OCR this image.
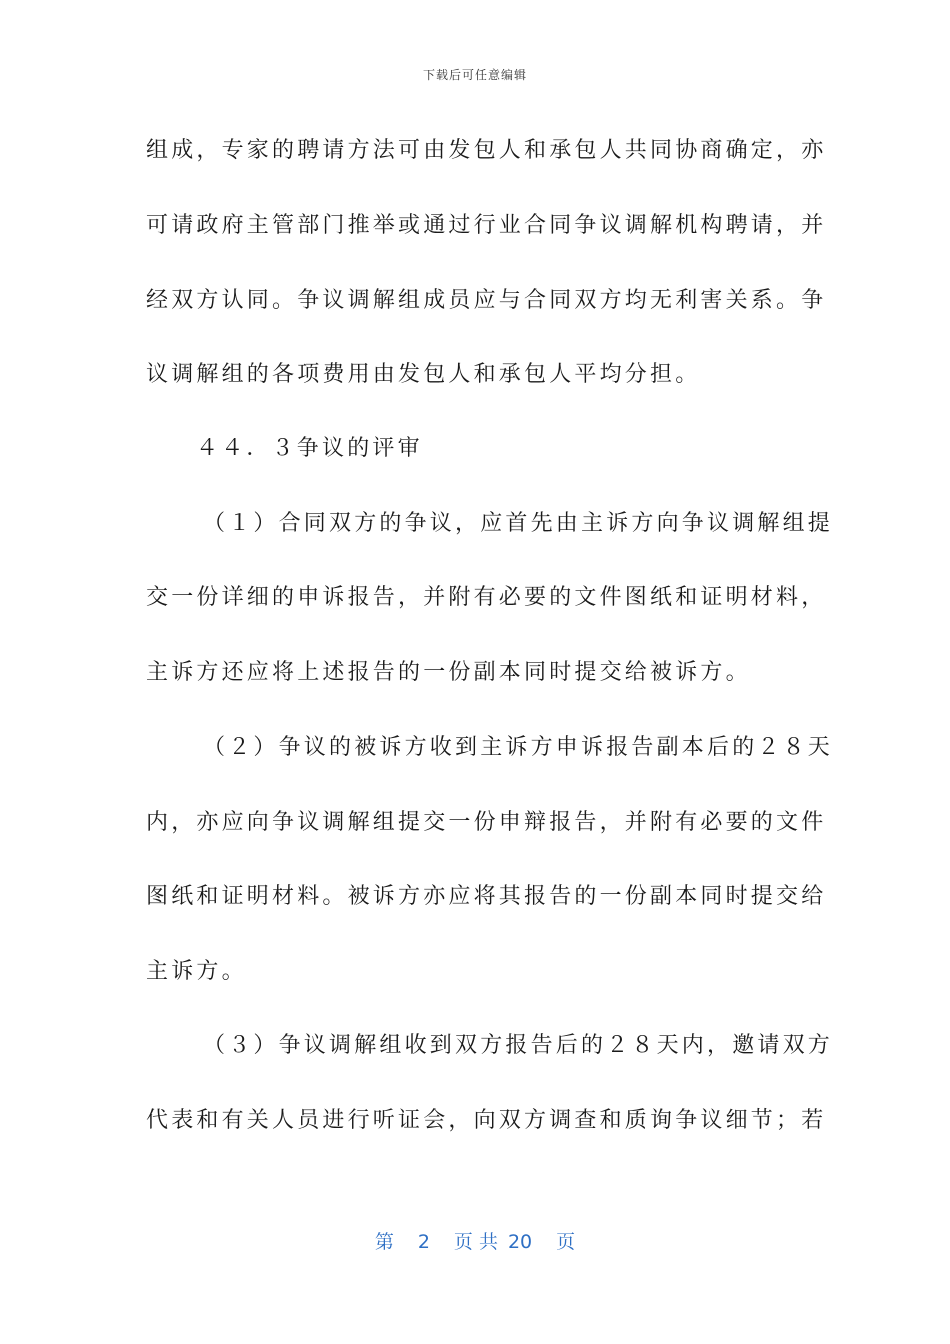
下载后可任意编辑
组成，专家的聘请方法可由发包人和承包人共同协商确定，亦
可请政府主管部门推举或通过行业合同争议调解机构聘请，并
经双方认同。争议调解组成员应与合同双方均无利害关系。争
议调解组的各项费用由发包人和承包人平均分担。
４４．３争议的评审
（１）合同双方的争议，应首先由主诉方向争议调解组提
交一份详细的申诉报告，并附有必要的文件图纸和证明材料，
主诉方还应将上述报告的一份副本同时提交给被诉方。
（２）争议的被诉方收到主诉方申诉报告副本后的２８天
内，亦应向争议调解组提交一份申辩报告，并附有必要的文件
图纸和证明材料。被诉方亦应将其报告的一份副本同时提交给
主诉方。
（３）争议调解组收到双方报告后的２８天内，邀请双方
代表和有关人员进行听证会，向双方调查和质询争议细节；若
第 2 页 共 20 页
